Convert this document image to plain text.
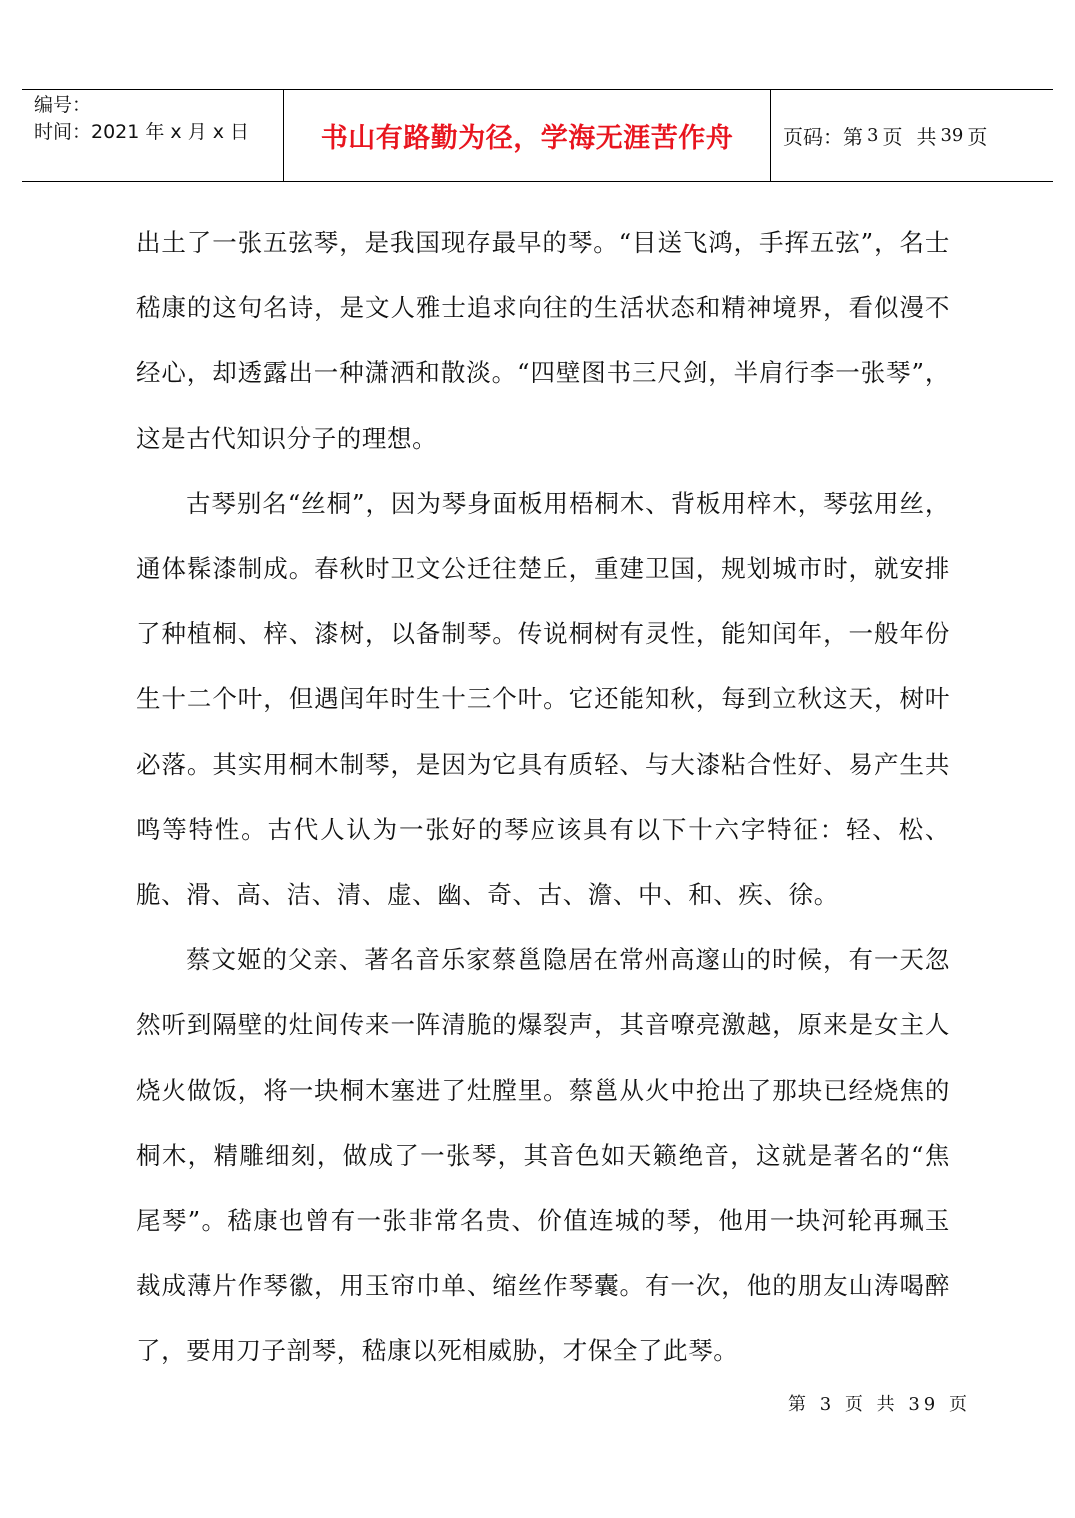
编号：
时间：2021 年 x 月 x 日	书山有路勤为径，学海无涯苦作舟 页码：第 3 页 共 39 页

出土了一张五弦琴，是我国现存最早的琴。“目送飞鸿，手挥五弦”，名士嵇康的这句名诗，是文人雅士追求向往的生活状态和精神境界，看似漫不经心，却透露出一种潇洒和散淡。“四壁图书三尺剑，半肩行李一张琴”，这是古代知识分子的理想。

古琴别名“丝桐”，因为琴身面板用梧桐木、背板用梓木，琴弦用丝，通体髹漆制成。春秋时卫文公迁往楚丘，重建卫国，规划城市时，就安排了种植桐、梓、漆树，以备制琴。传说桐树有灵性，能知闰年，一般年份生十二个叶，但遇闰年时生十三个叶。它还能知秋，每到立秋这天，树叶必落。其实用桐木制琴，是因为它具有质轻、与大漆粘合性好、易产生共鸣等特性。古代人认为一张好的琴应该具有以下十六字特征：轻、松、脆、滑、高、洁、清、虚、幽、奇、古、澹、中、和、疾、徐。

蔡文姬的父亲、著名音乐家蔡邕隐居在常州高邃山的时候，有一天忽然听到隔壁的灶间传来一阵清脆的爆裂声，其音嘹亮激越，原来是女主人烧火做饭，将一块桐木塞进了灶膛里。蔡邕从火中抢出了那块已经烧焦的桐木，精雕细刻，做成了一张琴，其音色如天籁绝音，这就是著名的“焦尾琴”。嵇康也曾有一张非常名贵、价值连城的琴，他用一块河轮再珮玉裁成薄片作琴徽，用玉帘巾单、缩丝作琴囊。有一次，他的朋友山涛喝醉了，要用刀子剖琴，嵇康以死相威胁，才保全了此琴。

第 3 页 共 39 页
